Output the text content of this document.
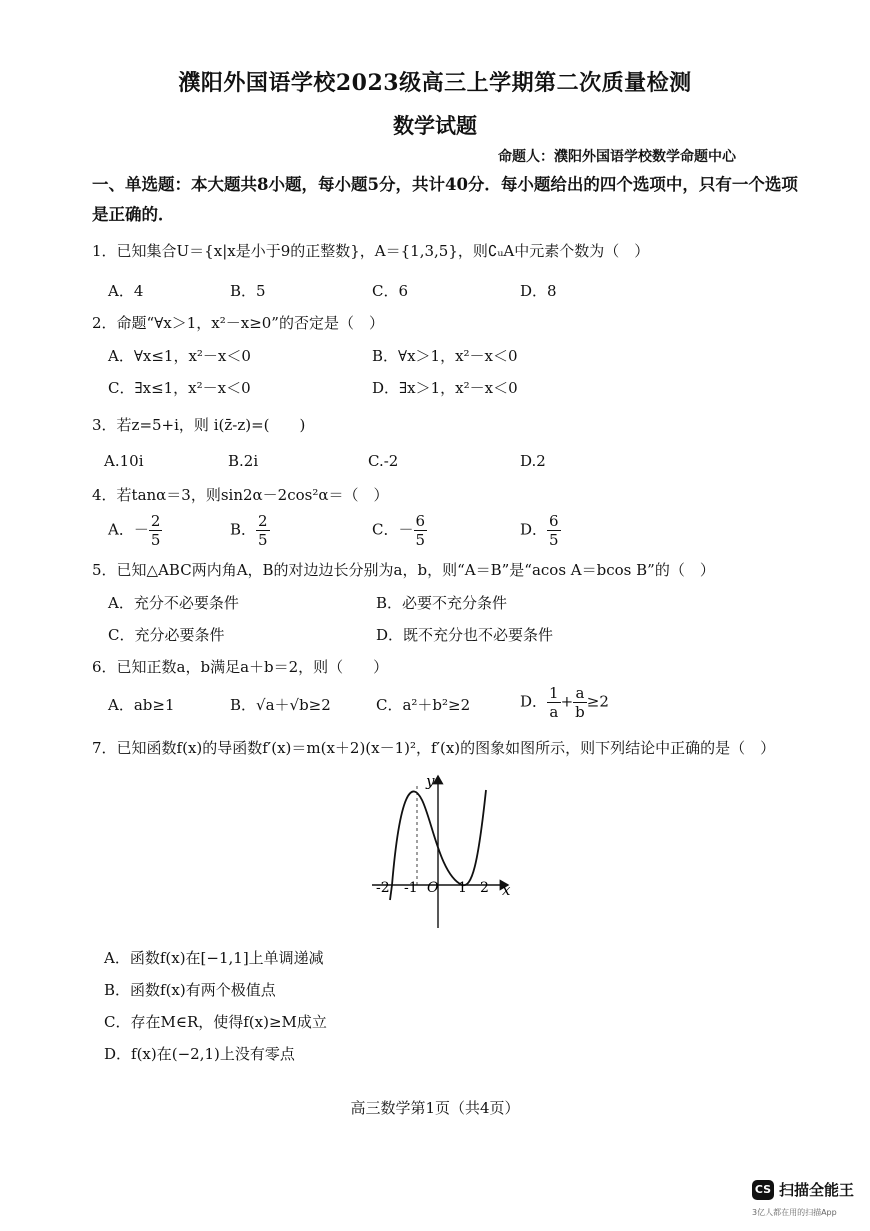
濮阳外国语学校2023级高三上学期第二次质量检测
数学试题
命题人：濮阳外国语学校数学命题中心
一、单选题：本大题共8小题，每小题5分，共计40分．每小题给出的四个选项中，只有一个选项是正确的．
1．已知集合U＝{x|x是小于9的正整数}，A＝{1,3,5}，则∁ᵤA中元素个数为（　）
A．4	B．5	C．6	D．8
2．命题“∀x＞1，x²－x≥0”的否定是（　）
A．∀x≤1，x²－x＜0	B．∀x＞1，x²－x＜0
C．∃x≤1，x²－x＜0	D．∃x＞1，x²－x＜0
3．若z=5+i，则 i(z̄-z)=(　　)
A.10i	B.2i	C.-2	D.2
4．若tanα＝3，则sin2α－2cos²α＝（　）
A．－ $\frac{2}{5}$	B． $\frac{2}{5}$	C．－ $\frac{6}{5}$	D． $\frac{6}{5}$
5．已知△ABC两内角A，B的对边边长分别为a，b，则“A＝B”是“acos A＝bcos B”的（　）
A．充分不必要条件	B．必要不充分条件
C．充分必要条件	D．既不充分也不必要条件
6．已知正数a，b满足a＋b＝2，则（　　）
A．ab≥1	B．√a＋√b≥2	C．a²＋b²≥2	D． $\frac{1}{a} + \frac{a}{b} \ge 2$
7．已知函数f(x)的导函数f′(x)＝m(x＋2)(x－1)²，f′(x)的图象如图所示，则下列结论中正确的是（　）
y
x
O
-2 -1	1 2
A．函数f(x)在[−1,1]上单调递减
B．函数f(x)有两个极值点
C．存在M∈R，使得f(x)≥M成立
D．f(x)在(−2,1)上没有零点
高三数学第1页（共4页）
CS 扫描全能王
3亿人都在用的扫描App
